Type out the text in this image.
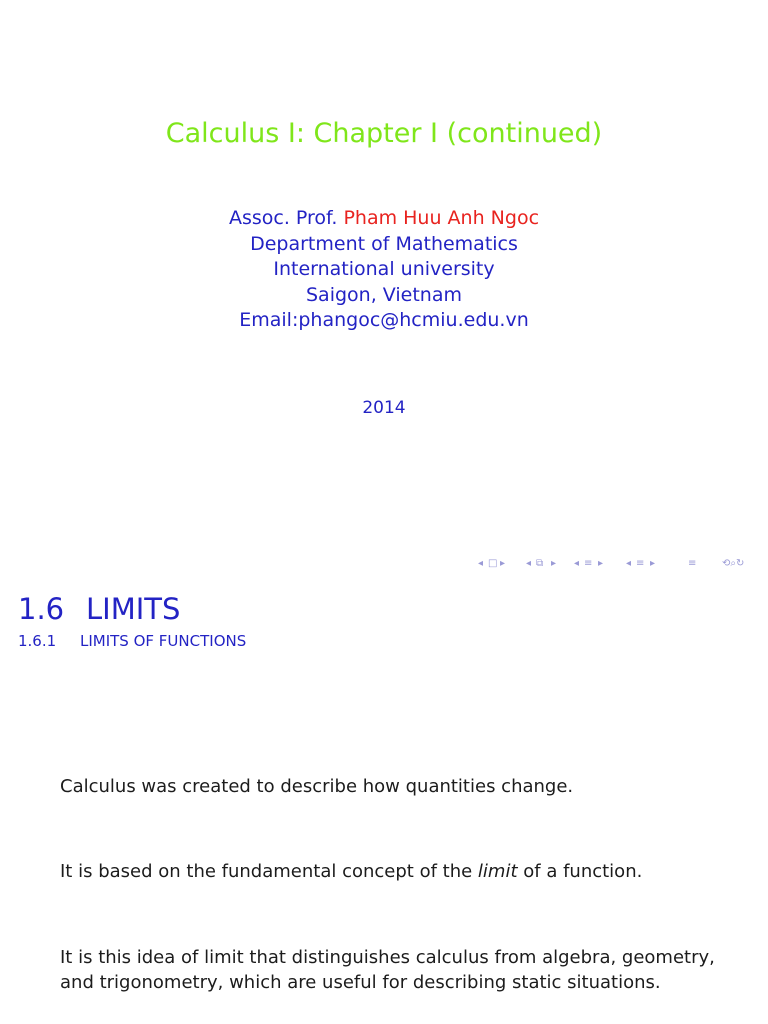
Calculus I: Chapter I (continued)
Assoc. Prof. Pham Huu Anh Ngoc
Department of Mathematics
International university
Saigon, Vietnam
Email:phangoc@hcmiu.edu.vn
2014
◂ □ ▸ ◂ ⧉ ▸ ◂ ≡ ▸ ◂ ≡ ▸	≡	⟲⌕↻
1.6 LIMITS
1.6.1 LIMITS OF FUNCTIONS
Calculus was created to describe how quantities change.
It is based on the fundamental concept of the limit of a function.
It is this idea of limit that distinguishes calculus from algebra, geometry,
and trigonometry, which are useful for describing static situations.
